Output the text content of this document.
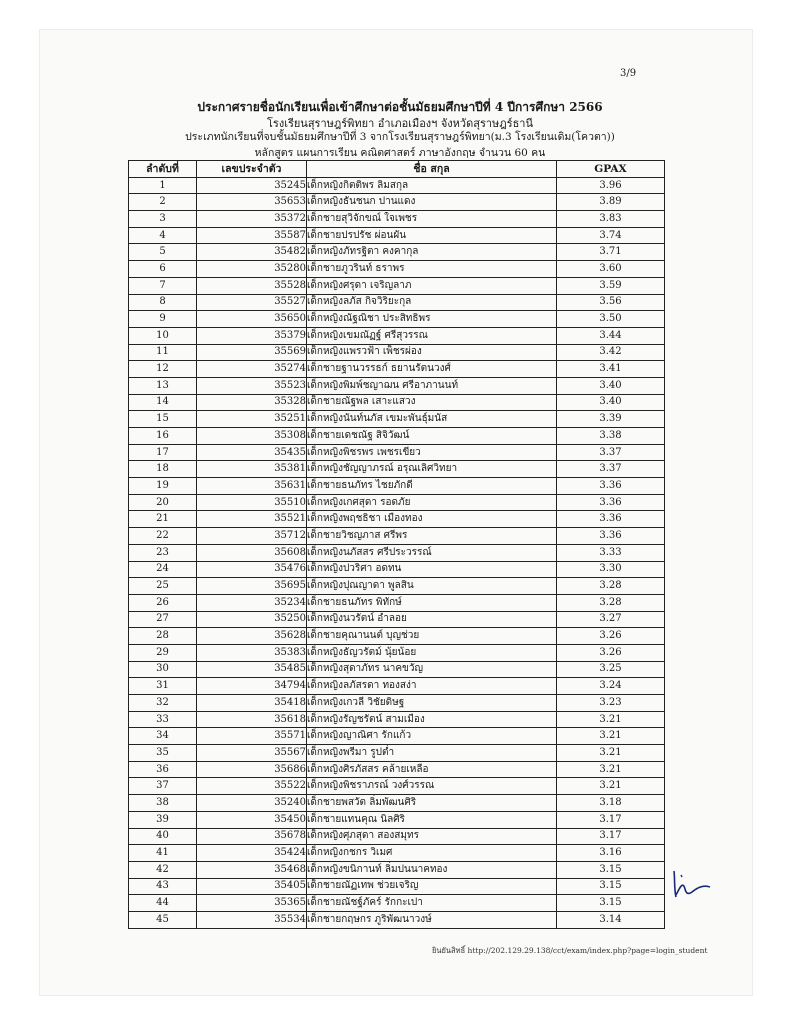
3/9
ประกาศรายชื่อนักเรียนเพื่อเข้าศึกษาต่อชั้นมัธยมศึกษาปีที่ 4 ปีการศึกษา 2566
โรงเรียนสุราษฎร์พิทยา อำเภอเมืองฯ จังหวัดสุราษฎร์ธานี
ประเภทนักเรียนที่จบชั้นมัธยมศึกษาปีที่ 3 จากโรงเรียนสุราษฎร์พิทยา(ม.3 โรงเรียนเดิม(โควตา))
หลักสูตร แผนการเรียน คณิตศาสตร์ ภาษาอังกฤษ จำนวน 60 คน
ลำดับที่	เลขประจำตัว	ชื่อ สกุล	GPAX
1	35245	เด็กหญิงกิตติพร ลิมสกุล	3.96
2	35653	เด็กหญิงธันชนก ปานแดง	3.89
3	35372	เด็กชายสุวิจักขณ์ ใจเพชร	3.83
4	35587	เด็กชายปรปรัช ผ่อนผัน	3.74
5	35482	เด็กหญิงภัทรฐิตา คงคากุล	3.71
6	35280	เด็กชายภูวรินท์ ธราพร	3.60
7	35528	เด็กหญิงศรุดา เจริญลาภ	3.59
8	35527	เด็กหญิงลภัส กิจวิริยะกุล	3.56
9	35650	เด็กหญิงณัฐณิชา ประสิทธิพร	3.50
10	35379	เด็กหญิงเขมณัฏฐ์ ศรีสุวรรณ	3.44
11	35569	เด็กหญิงแพรวฟ้า เพ็ชรผ่อง	3.42
12	35274	เด็กชายฐานวรรธก์ ธยานรัตนวงศ์	3.41
13	35523	เด็กหญิงพิมพ์ชญาฌน ศรีอาภานนท์	3.40
14	35328	เด็กชายณัฐพล เสาะแสวง	3.40
15	35251	เด็กหญิงนันท์นภัส เขมะพันธุ์มนัส	3.39
16	35308	เด็กชายเดชณัฐ สิจิวัฒน์	3.38
17	35435	เด็กหญิงพิชรพร เพชรเขียว	3.37
18	35381	เด็กหญิงชัญญาภรณ์ อรุณเลิศวิทยา	3.37
19	35631	เด็กชายธนภัทร ไชยภักดี	3.36
20	35510	เด็กหญิงเกศสุดา รอดภัย	3.36
21	35521	เด็กหญิงพฤชธิชา เมืองทอง	3.36
22	35712	เด็กชายวิชญภาส ศรีพร	3.36
23	35608	เด็กหญิงนภัสสร ศรีประวรรณ์	3.33
24	35476	เด็กหญิงปวริศา อดทน	3.30
25	35695	เด็กหญิงปุณญาดา พูลสิน	3.28
26	35234	เด็กชายธนภัทร พิทักษ์	3.28
27	35250	เด็กหญิงนวรัตน์ อ่ำลอย	3.27
28	35628	เด็กชายคุณานนต์ บุญช่วย	3.26
29	35383	เด็กหญิงธัญวรัตม์ นุ้ยน้อย	3.26
30	35485	เด็กหญิงสุดาภัทร นาคขวัญ	3.25
31	34794	เด็กหญิงลภัสรดา ทองสง่า	3.24
32	35418	เด็กหญิงเกวลี วิชัยดิษฐ	3.23
33	35618	เด็กหญิงรัญชรัตน์ สามเมือง	3.21
34	35571	เด็กหญิงญาณิศา รักแก้ว	3.21
35	35567	เด็กหญิงพรีมา รูปต่ำ	3.21
36	35686	เด็กหญิงศิรภัสสร คล้ายเหลือ	3.21
37	35522	เด็กหญิงพิชราภรณ์ วงศ์วรรณ	3.21
38	35240	เด็กชายพสวัต ลิ่มพัฒนศิริ	3.18
39	35450	เด็กชายแทนคุณ นิลศิริ	3.17
40	35678	เด็กหญิงศุภสุดา สองสมุทร	3.17
41	35424	เด็กหญิงกชกร วิเมศ	3.16
42	35468	เด็กหญิงขนิกานท์ ลิ่มปนนาคทอง	3.15
43	35405	เด็กชายณัฏเทพ ช่วยเจริญ	3.15
44	35365	เด็กชายณัชฐ์ภัคร์ รักกะเปา	3.15
45	35534	เด็กชายกฤษกร ภูริพัฒนาวงษ์	3.14
ยินยันสิทธิ์ http://202.129.29.138/cct/exam/index.php?page=login_student
